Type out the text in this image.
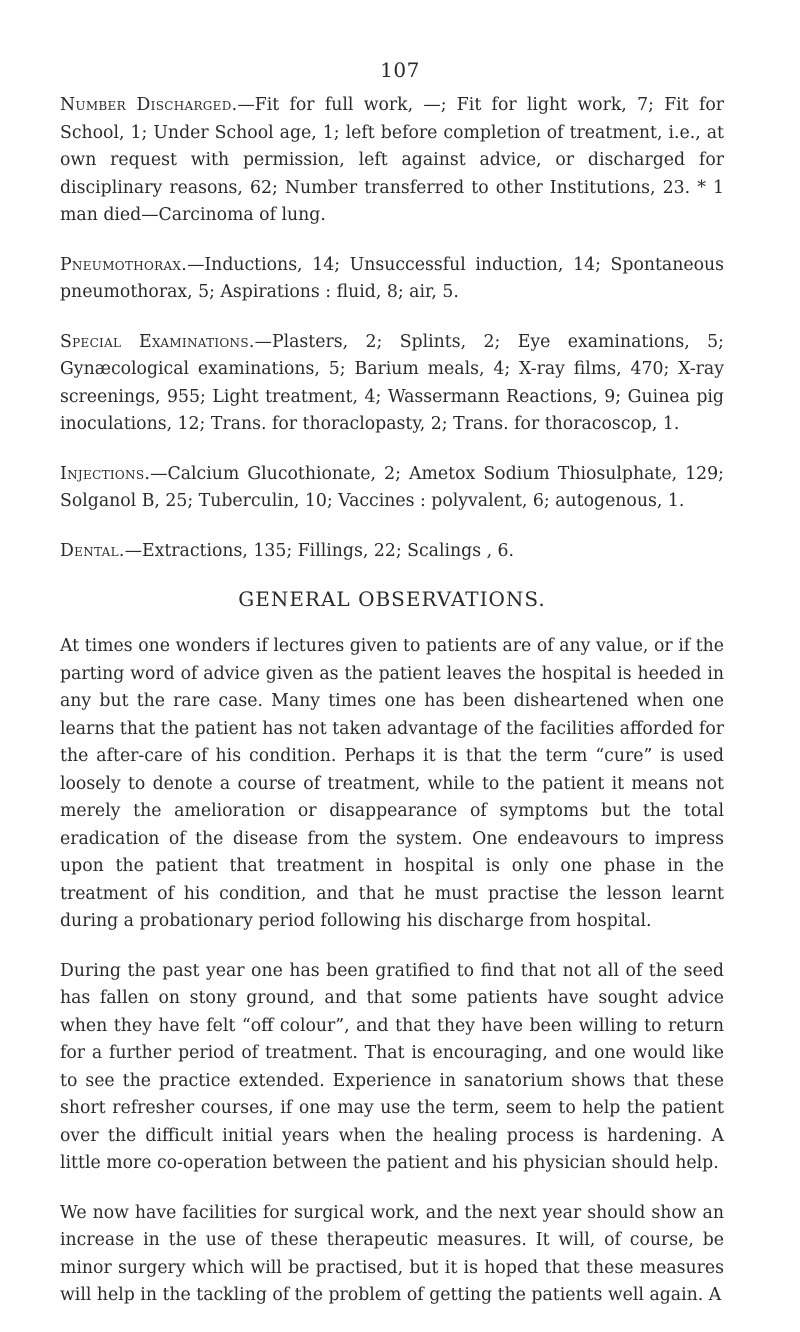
107

Number Discharged.—Fit for full work, —; Fit for light work, 7; Fit for School, 1; Under School age, 1; left before completion of treatment, i.e., at own request with permission, left against advice, or discharged for disciplinary reasons, 62; Number transferred to other Institutions, 23. * 1 man died—Carcinoma of lung.

Pneumothorax.—Inductions, 14; Unsuccessful induction, 14; Spontaneous pneumothorax, 5; Aspirations : fluid, 8; air, 5.

Special Examinations.—Plasters, 2; Splints, 2; Eye examinations, 5; Gynæcological examinations, 5; Barium meals, 4; X-ray films, 470; X-ray screenings, 955; Light treatment, 4; Wassermann Reactions, 9; Guinea pig inoculations, 12; Trans. for thoraclopasty, 2; Trans. for thoracoscop, 1.

Injections.—Calcium Glucothionate, 2; Ametox Sodium Thiosulphate, 129; Solganol B, 25; Tuberculin, 10; Vaccines : polyvalent, 6; autogenous, 1.

Dental.—Extractions, 135; Fillings, 22; Scalings , 6.

GENERAL OBSERVATIONS.

At times one wonders if lectures given to patients are of any value, or if the parting word of advice given as the patient leaves the hospital is heeded in any but the rare case. Many times one has been disheartened when one learns that the patient has not taken advantage of the facilities afforded for the after-care of his condition. Perhaps it is that the term “cure” is used loosely to denote a course of treatment, while to the patient it means not merely the amelioration or disappearance of symptoms but the total eradication of the disease from the system. One endeavours to impress upon the patient that treatment in hospital is only one phase in the treatment of his condition, and that he must practise the lesson learnt during a probationary period following his discharge from hospital.

During the past year one has been gratified to find that not all of the seed has fallen on stony ground, and that some patients have sought advice when they have felt “off colour”, and that they have been willing to return for a further period of treatment. That is encouraging, and one would like to see the practice extended. Experience in sanatorium shows that these short refresher courses, if one may use the term, seem to help the patient over the difficult initial years when the healing process is hardening. A little more co-operation between the patient and his physician should help.

We now have facilities for surgical work, and the next year should show an increase in the use of these therapeutic measures. It will, of course, be minor surgery which will be practised, but it is hoped that these measures will help in the tackling of the problem of getting the patients well again. A
